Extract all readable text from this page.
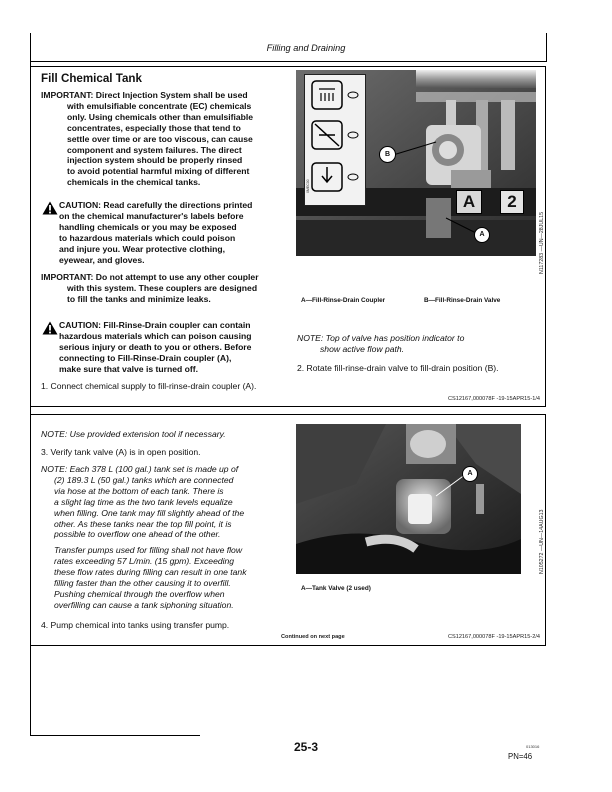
Filling and Draining
Fill Chemical Tank
IMPORTANT: Direct Injection System shall be used
with emulsifiable concentrate (EC) chemicals
only. Using chemicals other than emulsifiable
concentrates, especially those that tend to
settle over time or are too viscous, can cause
component and system failures. The direct
injection system should be properly rinsed
to avoid potential harmful mixing of different
chemicals in the chemical tanks.
CAUTION: Read carefully the directions printed
on the chemical manufacturer's labels before
handling chemicals or you may be exposed
to hazardous materials which could poison
and injure you. Wear protective clothing,
eyewear, and gloves.
IMPORTANT: Do not attempt to use any other coupler
with this system. These couplers are designed
to fill the tanks and minimize leaks.
CAUTION: Fill-Rinse-Drain coupler can contain
hazardous materials which can poison causing
serious injury or death to you or others. Before
connecting to Fill-Rinse-Drain coupler (A),
make sure that valve is turned off.
1. Connect chemical supply to fill-rinse-drain coupler (A).
0MEC00
A	2
B
A	N117283 —UN—28JUL15
A—Fill-Rinse-Drain Coupler	B—Fill-Rinse-Drain Valve
NOTE: Top of valve has position indicator to
show active flow path.
2. Rotate fill-rinse-drain valve to fill-drain position (B).
CS12167,000078F -19-15APR15-1/4
NOTE: Use provided extension tool if necessary.
3. Verify tank valve (A) is in open position.
NOTE: Each 378 L (100 gal.) tank set is made up of
(2) 189.3 L (50 gal.) tanks which are connected
via hose at the bottom of each tank. There is
a slight lag time as the two tank levels equalize
when filling. One tank may fill slightly ahead of the
other. As these tanks near the top fill point, it is
possible to overflow one ahead of the other.
Transfer pumps used for filling shall not have flow
rates exceeding 57 L/min. (15 gpm). Exceeding
these flow rates during filling can result in one tank
filling faster than the other causing it to overfill.
Pushing chemical through the overflow when
overfilling can cause a tank siphoning situation.
4. Pump chemical into tanks using transfer pump.
A
N105272 —UN—14AUG13
A—Tank Valve (2 used)
Continued on next page	CS12167,000078F -19-15APR15-2/4
25-3	013016
PN=46
